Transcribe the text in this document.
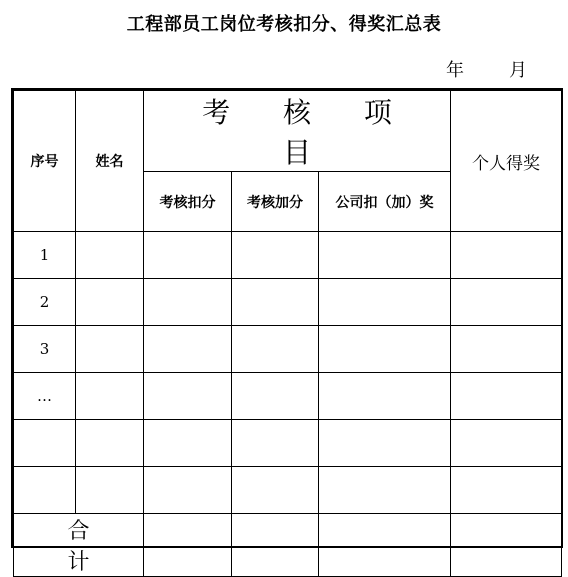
工程部员工岗位考核扣分、得奖汇总表
年	月
序号	姓名	考 核 项 目			个人得奖
		考核扣分	考核加分	公司扣（加）奖	
1					
2					
3					
…					

合 计					
